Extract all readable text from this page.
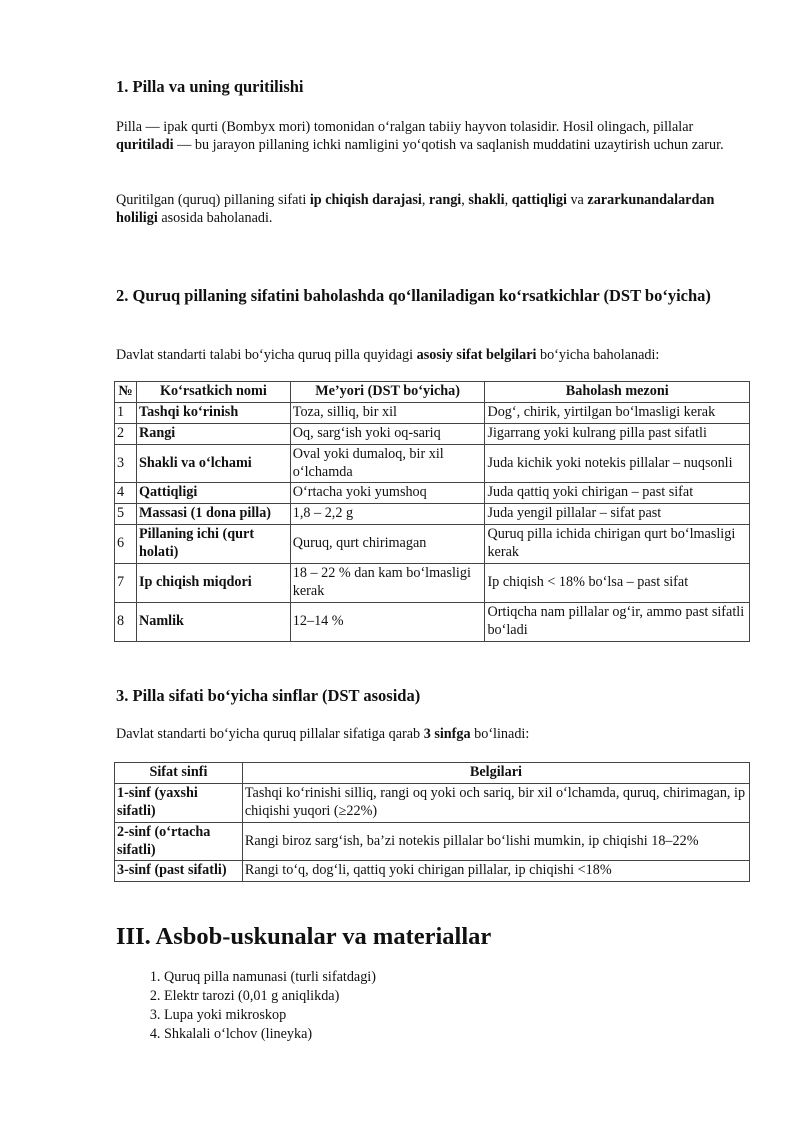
1. Pilla va uning quritilishi

Pilla — ipak qurti (Bombyx mori) tomonidan o‘ralgan tabiiy hayvon tolasidir. Hosil olingach, pillalar quritiladi — bu jarayon pillaning ichki namligini yo‘qotish va saqlanish muddatini uzaytirish uchun zarur.

Quritilgan (quruq) pillaning sifati ip chiqish darajasi, rangi, shakli, qattiqligi va zararkunandalardan holiligi asosida baholanadi.

2. Quruq pillaning sifatini baholashda qo‘llaniladigan ko‘rsatkichlar (DST bo‘yicha)

Davlat standarti talabi bo‘yicha quruq pilla quyidagi asosiy sifat belgilari bo‘yicha baholanadi:

№	Ko‘rsatkich nomi	Me’yori (DST bo‘yicha)	Baholash mezoni
1	Tashqi ko‘rinish	Toza, silliq, bir xil	Dog‘, chirik, yirtilgan bo‘lmasligi kerak
2	Rangi	Oq, sarg‘ish yoki oq-sariq	Jigarrang yoki kulrang pilla past sifatli
3	Shakli va o‘lchami	Oval yoki dumaloq, bir xil o‘lchamda	Juda kichik yoki notekis pillalar – nuqsonli
4	Qattiqligi	O‘rtacha yoki yumshoq	Juda qattiq yoki chirigan – past sifat
5	Massasi (1 dona pilla)	1,8 – 2,2 g	Juda yengil pillalar – sifat past
6	Pillaning ichi (qurt holati)	Quruq, qurt chirimagan	Quruq pilla ichida chirigan qurt bo‘lmasligi kerak
7	Ip chiqish miqdori	18 – 22 % dan kam bo‘lmasligi kerak	Ip chiqish < 18% bo‘lsa – past sifat
8	Namlik	12–14 %	Ortiqcha nam pillalar og‘ir, ammo past sifatli bo‘ladi
3. Pilla sifati bo‘yicha sinflar (DST asosida)

Davlat standarti bo‘yicha quruq pillalar sifatiga qarab 3 sinfga bo‘linadi:

Sifat sinfi	Belgilari
1-sinf (yaxshi sifatli)	Tashqi ko‘rinishi silliq, rangi oq yoki och sariq, bir xil o‘lchamda, quruq, chirimagan, ip chiqishi yuqori (≥22%)
2-sinf (o‘rtacha sifatli)	Rangi biroz sarg‘ish, ba’zi notekis pillalar bo‘lishi mumkin, ip chiqishi 18–22%
3-sinf (past sifatli)	Rangi to‘q, dog‘li, qattiq yoki chirigan pillalar, ip chiqishi <18%
III. Asbob-uskunalar va materiallar
1. Quruq pilla namunasi (turli sifatdagi)
2. Elektr tarozi (0,01 g aniqlikda)
3. Lupa yoki mikroskop
4. Shkalali o‘lchov (lineyka)
